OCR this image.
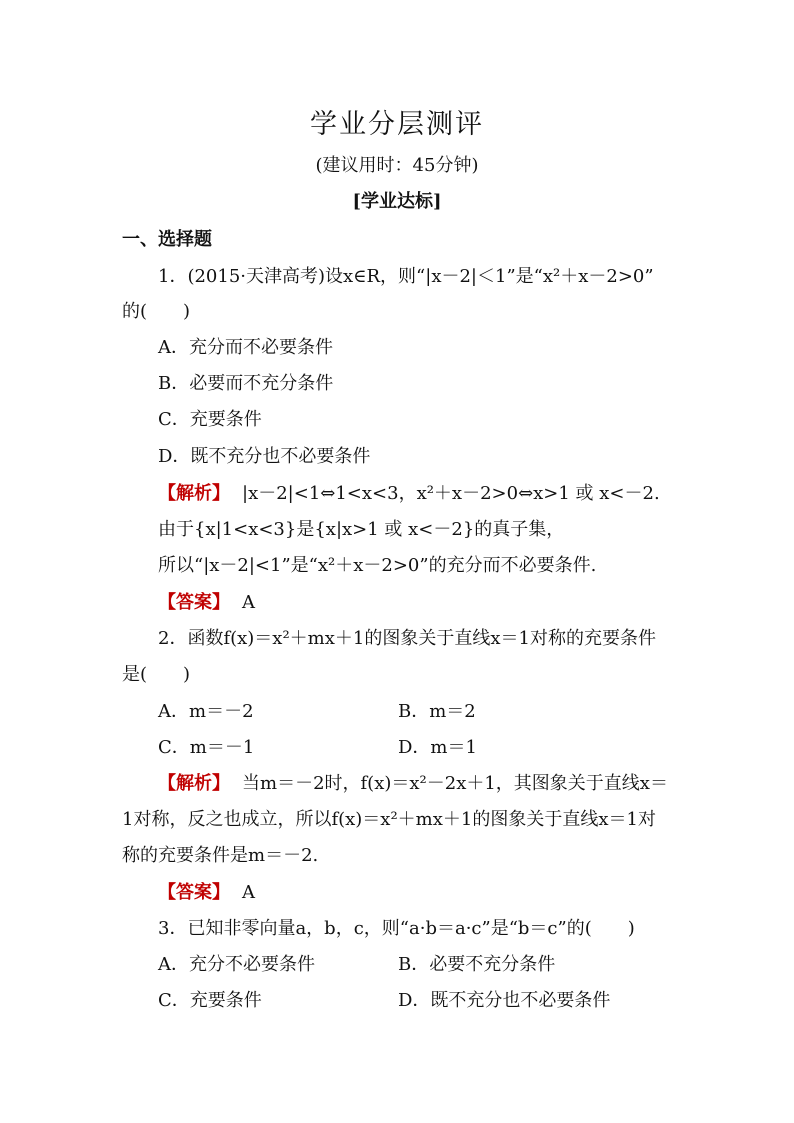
学业分层测评
(建议用时：45分钟)
[学业达标]
一、选择题
1．(2015·天津高考)设x∈R，则“|x－2|＜1”是“x²＋x－2>0”
的(　　)
A．充分而不必要条件
B．必要而不充分条件
C．充要条件
D．既不充分也不必要条件
【解析】 |x－2|<1⇔1<x<3，x²＋x－2>0⇔x>1 或 x<－2.
由于{x|1<x<3}是{x|x>1 或 x<－2}的真子集，
所以“|x－2|<1”是“x²＋x－2>0”的充分而不必要条件.
【答案】 A
2．函数f(x)＝x²＋mx＋1的图象关于直线x＝1对称的充要条件
是(　　)
A．m＝－2	B．m＝2
C．m＝－1	D．m＝1
【解析】 当m＝－2时，f(x)＝x²－2x＋1，其图象关于直线x＝
1对称，反之也成立，所以f(x)＝x²＋mx＋1的图象关于直线x＝1对
称的充要条件是m＝－2.
【答案】 A
3．已知非零向量a，b，c，则“a·b＝a·c”是“b＝c”的(　　)
A．充分不必要条件	B．必要不充分条件
C．充要条件	D．既不充分也不必要条件
